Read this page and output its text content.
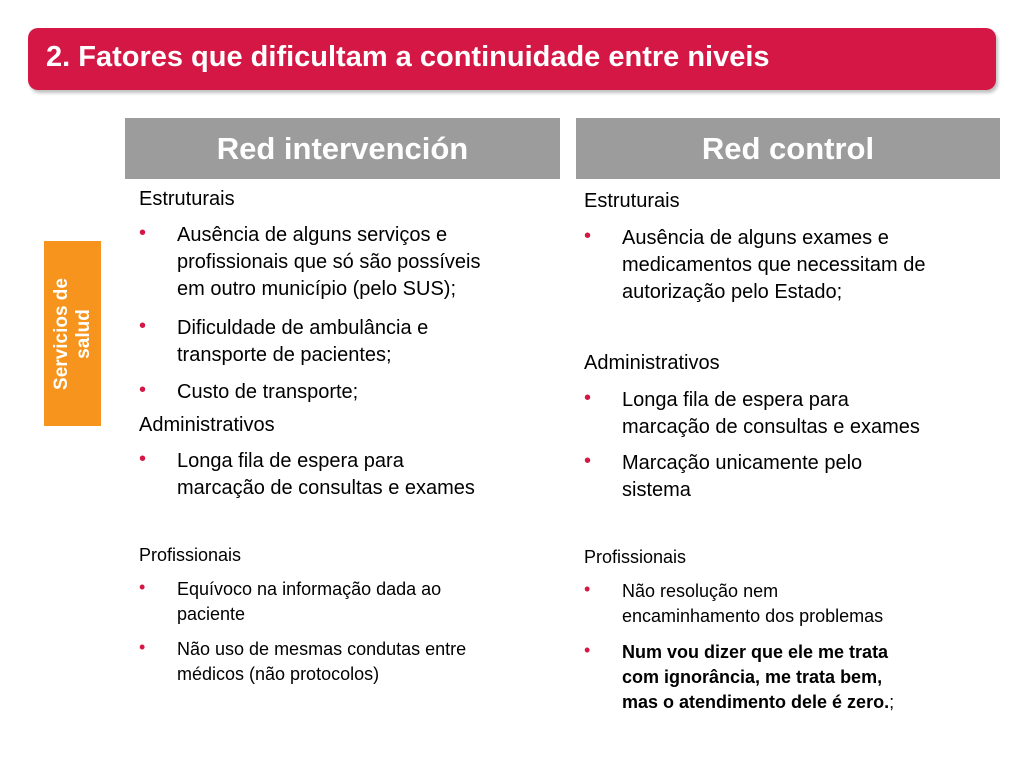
2. Fatores que dificultam a continuidade entre niveis
Red intervención	Red control
Servicios de salud
Estruturais
• Ausência de alguns serviços e
profissionais que só são possíveis
em outro município (pelo SUS);
• Dificuldade de ambulância e
transporte de pacientes;
• Custo de transporte;
Administrativos
• Longa fila de espera para
marcação de consultas e exames
Profissionais
• Equívoco na informação dada ao
paciente
• Não uso de mesmas condutas entre
médicos (não protocolos)
Estruturais
• Ausência de alguns exames e
medicamentos que necessitam de
autorização pelo Estado;
Administrativos
• Longa fila de espera para
marcação de consultas e exames
• Marcação unicamente pelo
sistema
Profissionais
• Não resolução nem
encaminhamento dos problemas
• Num vou dizer que ele me trata
com ignorância, me trata bem,
mas o atendimento dele é zero.;
